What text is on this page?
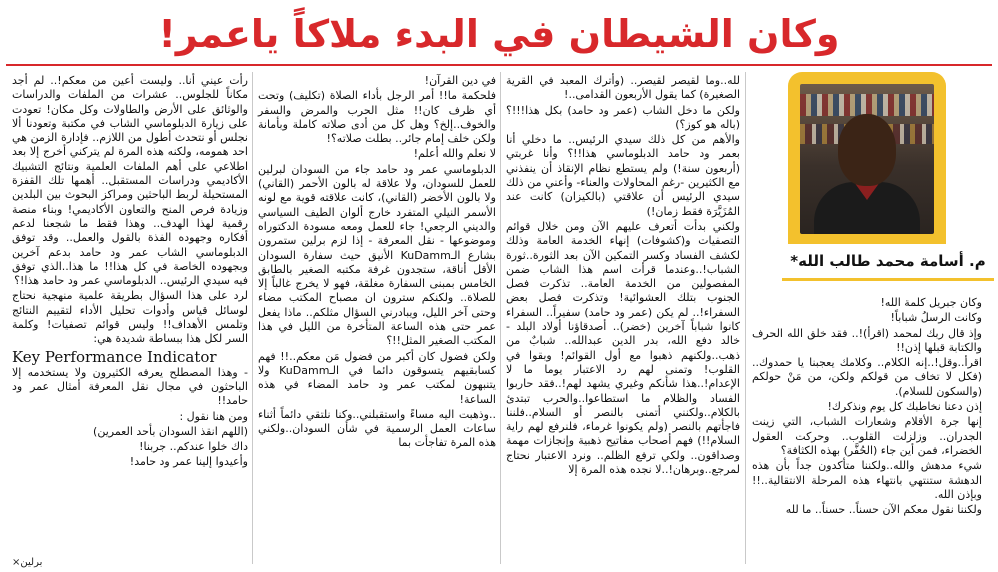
وكان الشيطان في البدء ملاكاً ياعمر!
م. أسامة محمد طالب الله*

وكان جبريل كلمة الله!

وكانت الرسلُ شباباً!

وإذ قال ربك لمحمد (اقرأ)!.. فقد خلق الله الحرف والكتابة قبلها إذن!!

اقرأ..وقل!..إنه الكلام.. وكلامك يعجبنا يا حمدوك.. (فكل لا تخاف من قولكم ولكن، من مَنْ حولكم (والسكون للسلام).

إذن دعنا نخاطبك كل يوم ونذكرك!

إنها جرة الأقلام وشعارات الشباب، التي زينت الجدران.. وزلزلت القلوب.. وحركت العقول الخضراء، فمن أين جاء (الحُفَّر) بهذه الكثافة؟

شيء مدهش والله..ولكننا متأكدون جداً بأن هذه الدهشة ستنتهي بانتهاء هذه المرحلة الانتقالية..!! وبإذن الله.

ولكننا نقول معكم الآن حسناً.. حسناً.. ما لله

لله..وما لقيصر لقيصر.. (وأترك المعبد في القرية الصغيرة) كما يقول الأربعون القدامى..!

ولكن ما دخل الشاب (عمر ود حامد) بكل هذا!!!؟ (باله هو كوز؟)

والأهم من كل ذلك سيدي الرئيس.. ما دخلي أنا بعمر ود حامد الدبلوماسي هذا!!؟ وأنا غربتي (أربعون سنة!) ولم يستطع نظام الإنقاذ أن ينفذني مع الكثيرين -رغم المحاولات والعناء- وأعني من ذلك سيدي الرئيس أن علاقتي (بالكيزان) كانت عند المُزَيَّرَة فقط زمان!)

ولكني بدأت أتعرف عليهم الآن ومن خلال قوائم التصفيات و(كشوفات) إنهاء الخدمة العامة وذلك لكشف الفساد وكسر التمكين الآن بعد الثورة..ثورة الشباب!..وعندما قرأت اسم هذا الشاب ضمن المفصولين من الخدمة العامة.. تذكرت فصل الجنوب بتلك العشوائية! وتذكرت فصل بعض السفراء!.. لم يكن (عمر ود حامد) سفيراً.. السفراء كانوا شباباً آخرين (خضر).. أصدقاؤنا أولاد البلد - خالد دفع الله، بدر الدين عبدالله.. شبابٌ من ذهب..ولكنهم ذهبوا مع أول القوائم! وبقوا في القلوب! وتمنى لهم رد الاعتبار يوما ما لا الإعدام!..هذا شأنكم وغيري يشهد لهم!..فقد حاربوا الفساد والظلام ما استطاعوا..والحرب تبتدئ بالكلام..ولكنني أتمنى بالنصر أو السلام..فلننا فاجأتهم بالنصر (ولم يكونوا غرماء، فلنرفع لهم راية السلام!!) فهم أصحاب مفاتيح ذهبية وإنجازات مهمة وصداقون.. ولكي ترفع الظلم.. ونرد الاعتبار نحتاج لمرجع..وبرهان!..لا نجده هذه المرة إلا

في دين القرآن!

فلحكمة ما!! أمر الرجل بأداء الصلاة (تكليف) وتحت أي ظرف كان!! مثل الحرب والمرض والسفر والخوف..إلخ؟ وهل كل من أدى صلاته كاملة وبأمانة ولكن خلف إمام جائر.. بطلت صلاته؟!

لا نعلم والله أعلم!

الدبلوماسي عمر ود حامد جاء من السودان لبرلين للعمل للسودان، ولا علاقة له بالون الأحمر (القاني) ولا بالون الأخضر (القاني)، كانت علاقته قوية مع لونه الأسمر النيلي المتفرد خارج ألوان الطيف السياسي والديني الرجعي! جاء للعمل ومعه مسودة الدكتوراه وموضوعها - نقل المعرفة - إذا لزم برلين ستمرون بشارع الـKuDamm الأنيق حيث سفارة السودان الأقل أناقة، ستجدون غرفة مكتبه الصغير بالطابق الخامس بمبنى السفارة مغلقة، فهو لا يخرج غالباً إلا للصلاة.. ولكنكم سترون ان مصباح المكتب مضاء وحتى آخر الليل، ويبادرني السؤال مثلكم.. ماذا يفعل عمر حتى هذه الساعة المتأخرة من الليل في هذا المكتب الصغير المثل!!؟

ولكن فضول كان أكبر من فضول مَن معكم..!! فهم كسابقيهم يتسوقون دائما في الـKuDamm ولا يتنبهون لمكتب عمر ود حامد المضاء في هذه الساعة!

..وذهبت اليه مساءً واستقبلني..وكنا نلتقي دائماً أثناء ساعات العمل الرسمية في شأن السودان..ولكني هذه المرة تفاجأت بما

رأت عيني أنا.. وليست أعين من معكم!.. لم أجد مكاناً للجلوس.. عشرات من الملفات والدراسات والوثائق على الأرض والطاولات وكل مكان! تعودت على زيارة الدبلوماسي الشاب في مكتبة وتعودنا ألا نجلس أو نتحدث أطول من اللازم.. فإدارة الزمن هي احد همومه، ولكنه هذه المرة لم يتركني أخرج إلا بعد اطلاعي على أهم الملفات العلمية ونتائج التشبيك الأكاديمي ودراسات المستقبل.. أهمها تلك القفزة المستحيلة لربط الباحثين ومراكز البحوث بين البلدين وزيادة فرص المنح والتعاون الأكاديمي! وبناء منصة رقمية لهذا الهدف.. وهذا فقط ما شجعنا لدعم أفكاره وجهوده الفذة بالقول والعمل.. وقد توفق الدبلوماسي الشاب عمر ود حامد بدعم آخرين وبجهوده الخاصة في كل هذا!! ما هذا..الذي توفق فيه سيدي الرئيس.. الدبلوماسي عمر ود حامد هذا!؟

لرد على هذا السؤال بطريقة علمية منهجية نحتاج لوسائل قياس وأدوات تحليل الأداء لتقييم النتائج وتلمس الأهداف!! وليس قوائم تصفيات! وكلمة السر لكل هذا ببساطة شديدة هي:

Key Performance Indicator

- وهذا المصطلح يعرفه الكثيرون ولا يستخدمه إلا الباحثون في مجال نقل المعرفة أمثال عمر ود حامد!!

ومن هنا نقول :

(اللهم انقذ السودان بأحد العمرين)

داك خلوا عندكم.. جربنا!

وأعيدوا إلينا عمر ود حامد!

×برلين
